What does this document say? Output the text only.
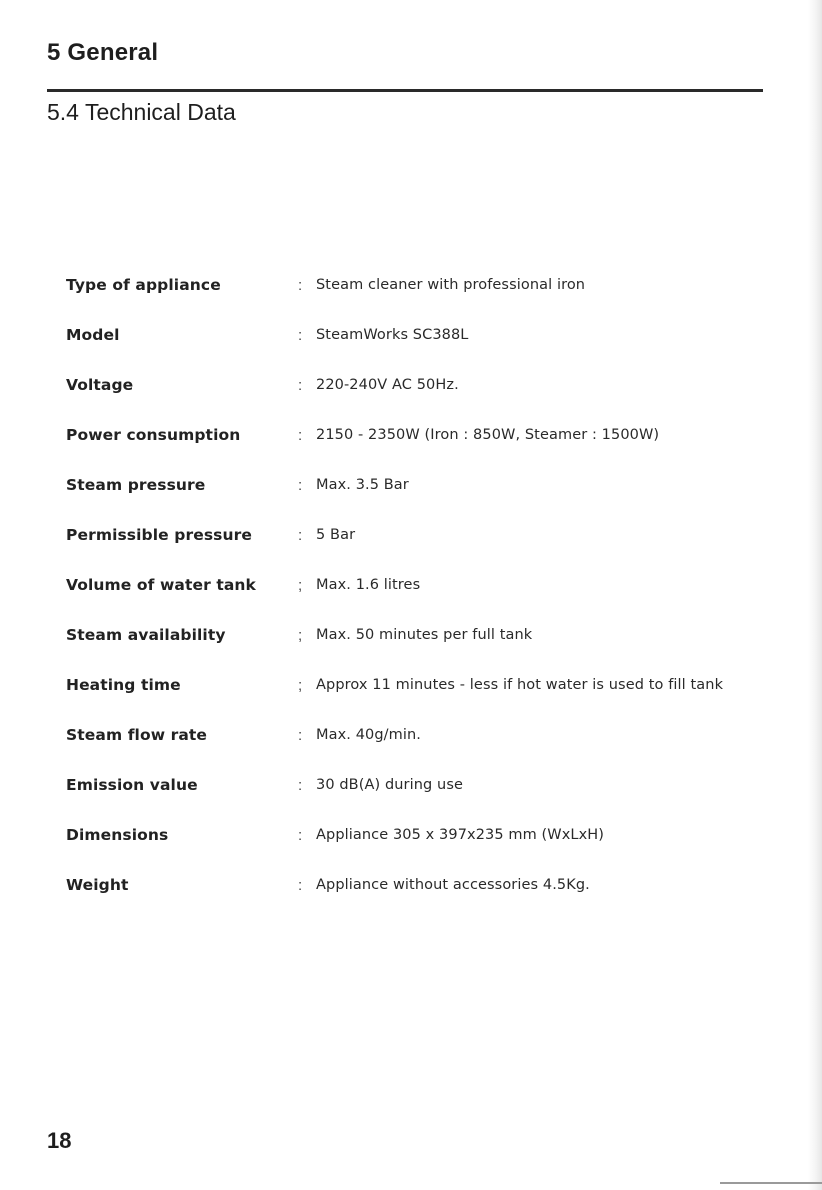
5 General
5.4 Technical Data
Type of appliance	: Steam cleaner with professional iron
Model	: SteamWorks SC388L
Voltage	: 220-240V AC 50Hz.
Power consumption	: 2150 - 2350W (Iron : 850W, Steamer : 1500W)
Steam pressure	: Max. 3.5 Bar
Permissible pressure	: 5 Bar
Volume of water tank	; Max. 1.6 litres
Steam availability	; Max. 50 minutes per full tank
Heating time	; Approx 11 minutes - less if hot water is used to fill tank
Steam flow rate	: Max. 40g/min.
Emission value	: 30 dB(A) during use
Dimensions	: Appliance 305 x 397x235 mm (WxLxH)
Weight	: Appliance without accessories 4.5Kg.
18
